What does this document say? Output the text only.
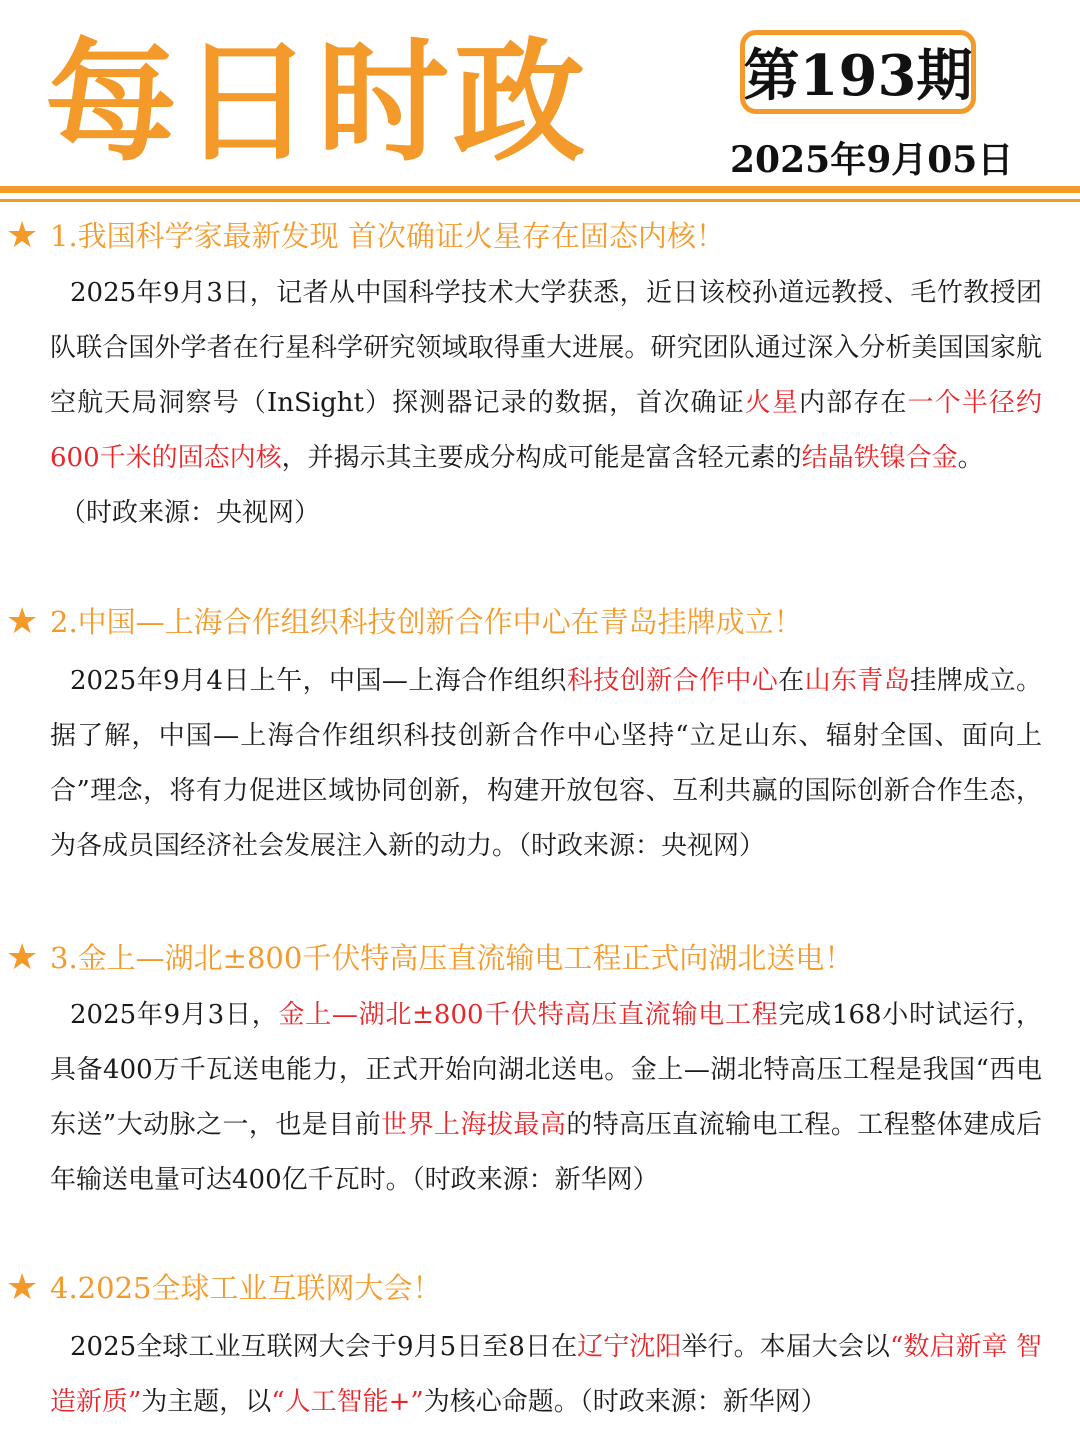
每日时政	第193期
2025年9月05日
★ 1.我国科学家最新发现 首次确证火星存在固态内核！
2025年9月3日，记者从中国科学技术大学获悉，近日该校孙道远教授、毛竹教授团队联合国外学者在行星科学研究领域取得重大进展。研究团队通过深入分析美国国家航空航天局洞察号（InSight）探测器记录的数据，首次确证火星内部存在一个半径约600千米的固态内核，并揭示其主要成分构成可能是富含轻元素的结晶铁镍合金。
（时政来源：央视网）
★ 2.中国—上海合作组织科技创新合作中心在青岛挂牌成立！
2025年9月4日上午，中国—上海合作组织科技创新合作中心在山东青岛挂牌成立。据了解，中国—上海合作组织科技创新合作中心坚持“立足山东、辐射全国、面向上合”理念，将有力促进区域协同创新，构建开放包容、互利共赢的国际创新合作生态，为各成员国经济社会发展注入新的动力。（时政来源：央视网）
★ 3.金上—湖北±800千伏特高压直流输电工程正式向湖北送电！
2025年9月3日，金上—湖北±800千伏特高压直流输电工程完成168小时试运行，具备400万千瓦送电能力，正式开始向湖北送电。金上—湖北特高压工程是我国“西电东送”大动脉之一，也是目前世界上海拔最高的特高压直流输电工程。工程整体建成后年输送电量可达400亿千瓦时。（时政来源：新华网）
★ 4.2025全球工业互联网大会！
2025全球工业互联网大会于9月5日至8日在辽宁沈阳举行。本届大会以“数启新章 智造新质”为主题，以“人工智能+”为核心命题。（时政来源：新华网）
